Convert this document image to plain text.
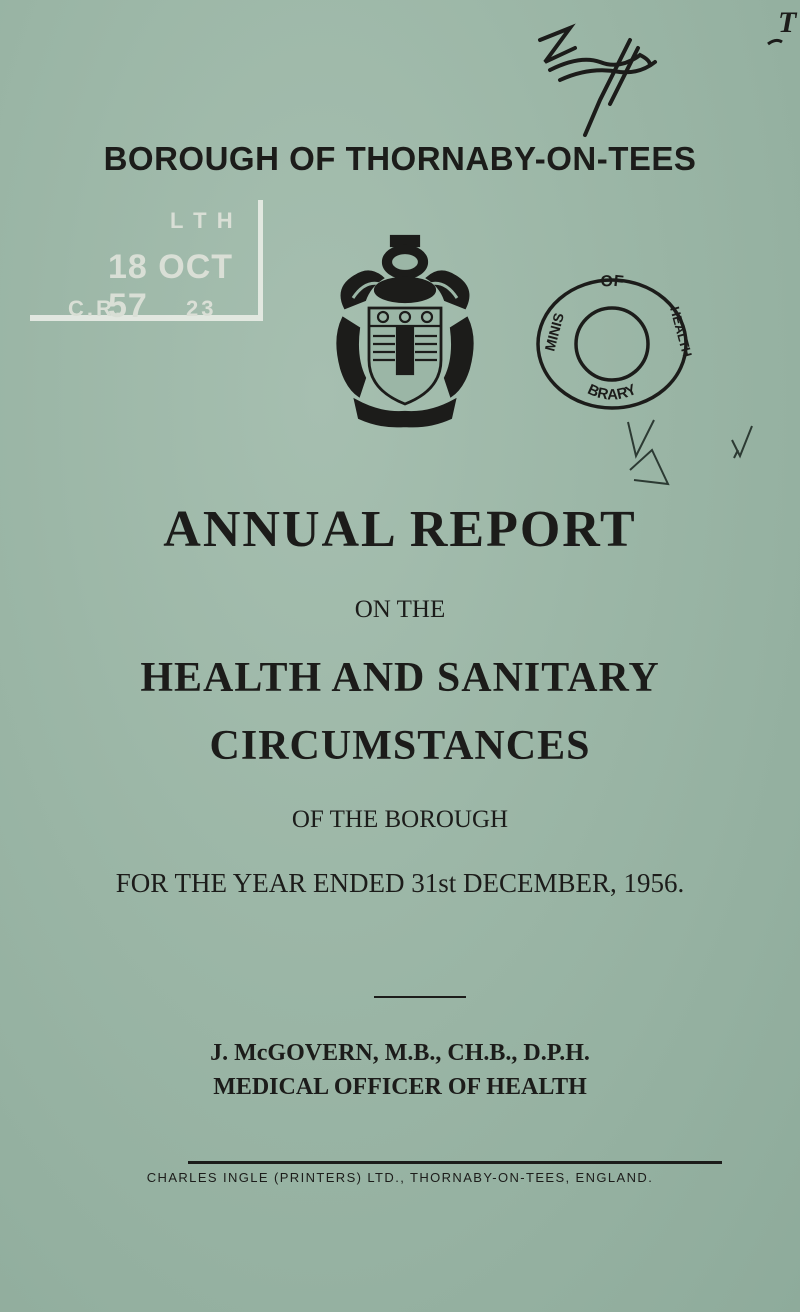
T
BOROUGH OF THORNABY-ON-TEES
L T H
18 OCT 57
C.R.	23
OF
MINIS	HEALTH
BRARY
ANNUAL REPORT
ON THE
HEALTH AND SANITARY
CIRCUMSTANCES
OF THE BOROUGH
FOR THE YEAR ENDED 31st DECEMBER, 1956.
J. McGOVERN, M.B., CH.B., D.P.H.
MEDICAL OFFICER OF HEALTH
CHARLES INGLE (PRINTERS) LTD., THORNABY-ON-TEES, ENGLAND.
